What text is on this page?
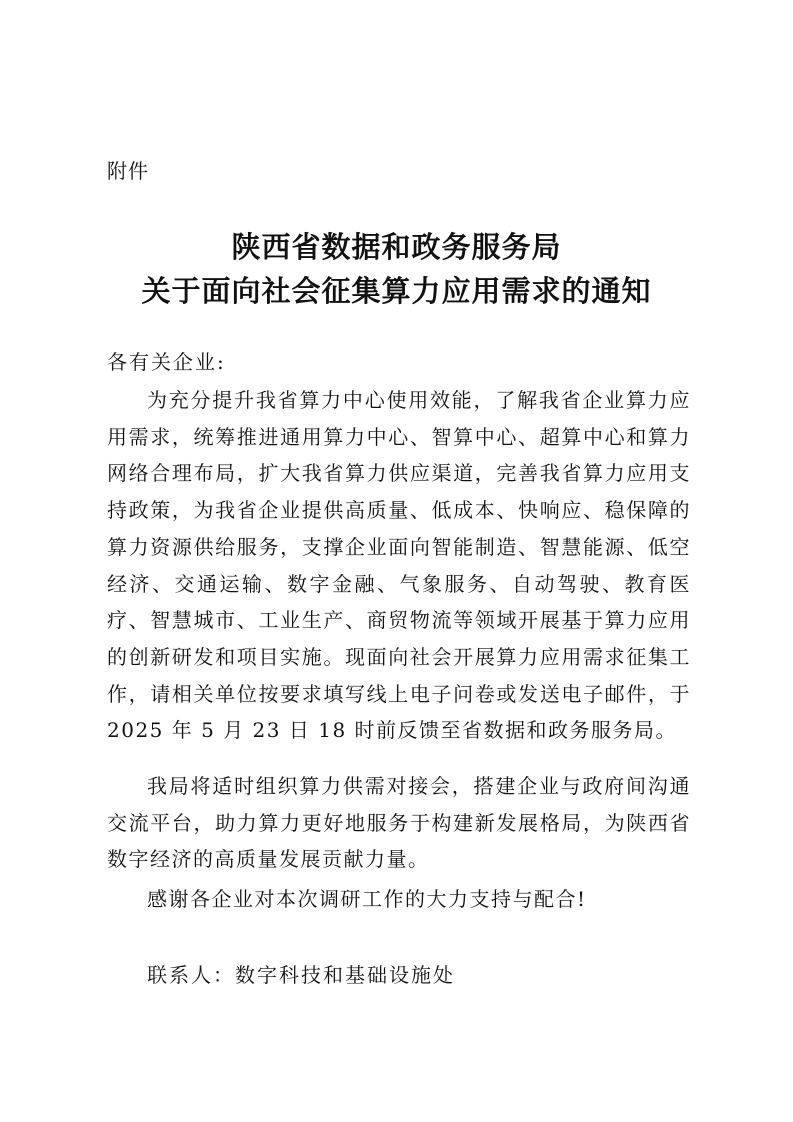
附件
陕西省数据和政务服务局
关于面向社会征集算力应用需求的通知
各有关企业:

为充分提升我省算力中心使用效能，了解我省企业算力应用需求，统筹推进通用算力中心、智算中心、超算中心和算力网络合理布局，扩大我省算力供应渠道，完善我省算力应用支持政策，为我省企业提供高质量、低成本、快响应、稳保障的算力资源供给服务，支撑企业面向智能制造、智慧能源、低空经济、交通运输、数字金融、气象服务、自动驾驶、教育医疗、智慧城市、工业生产、商贸物流等领域开展基于算力应用的创新研发和项目实施。现面向社会开展算力应用需求征集工作，请相关单位按要求填写线上电子问卷或发送电子邮件，于 2025 年 5 月 23 日 18 时前反馈至省数据和政务服务局。

我局将适时组织算力供需对接会，搭建企业与政府间沟通交流平台，助力算力更好地服务于构建新发展格局，为陕西省数字经济的高质量发展贡献力量。

感谢各企业对本次调研工作的大力支持与配合!

联系人：数字科技和基础设施处
